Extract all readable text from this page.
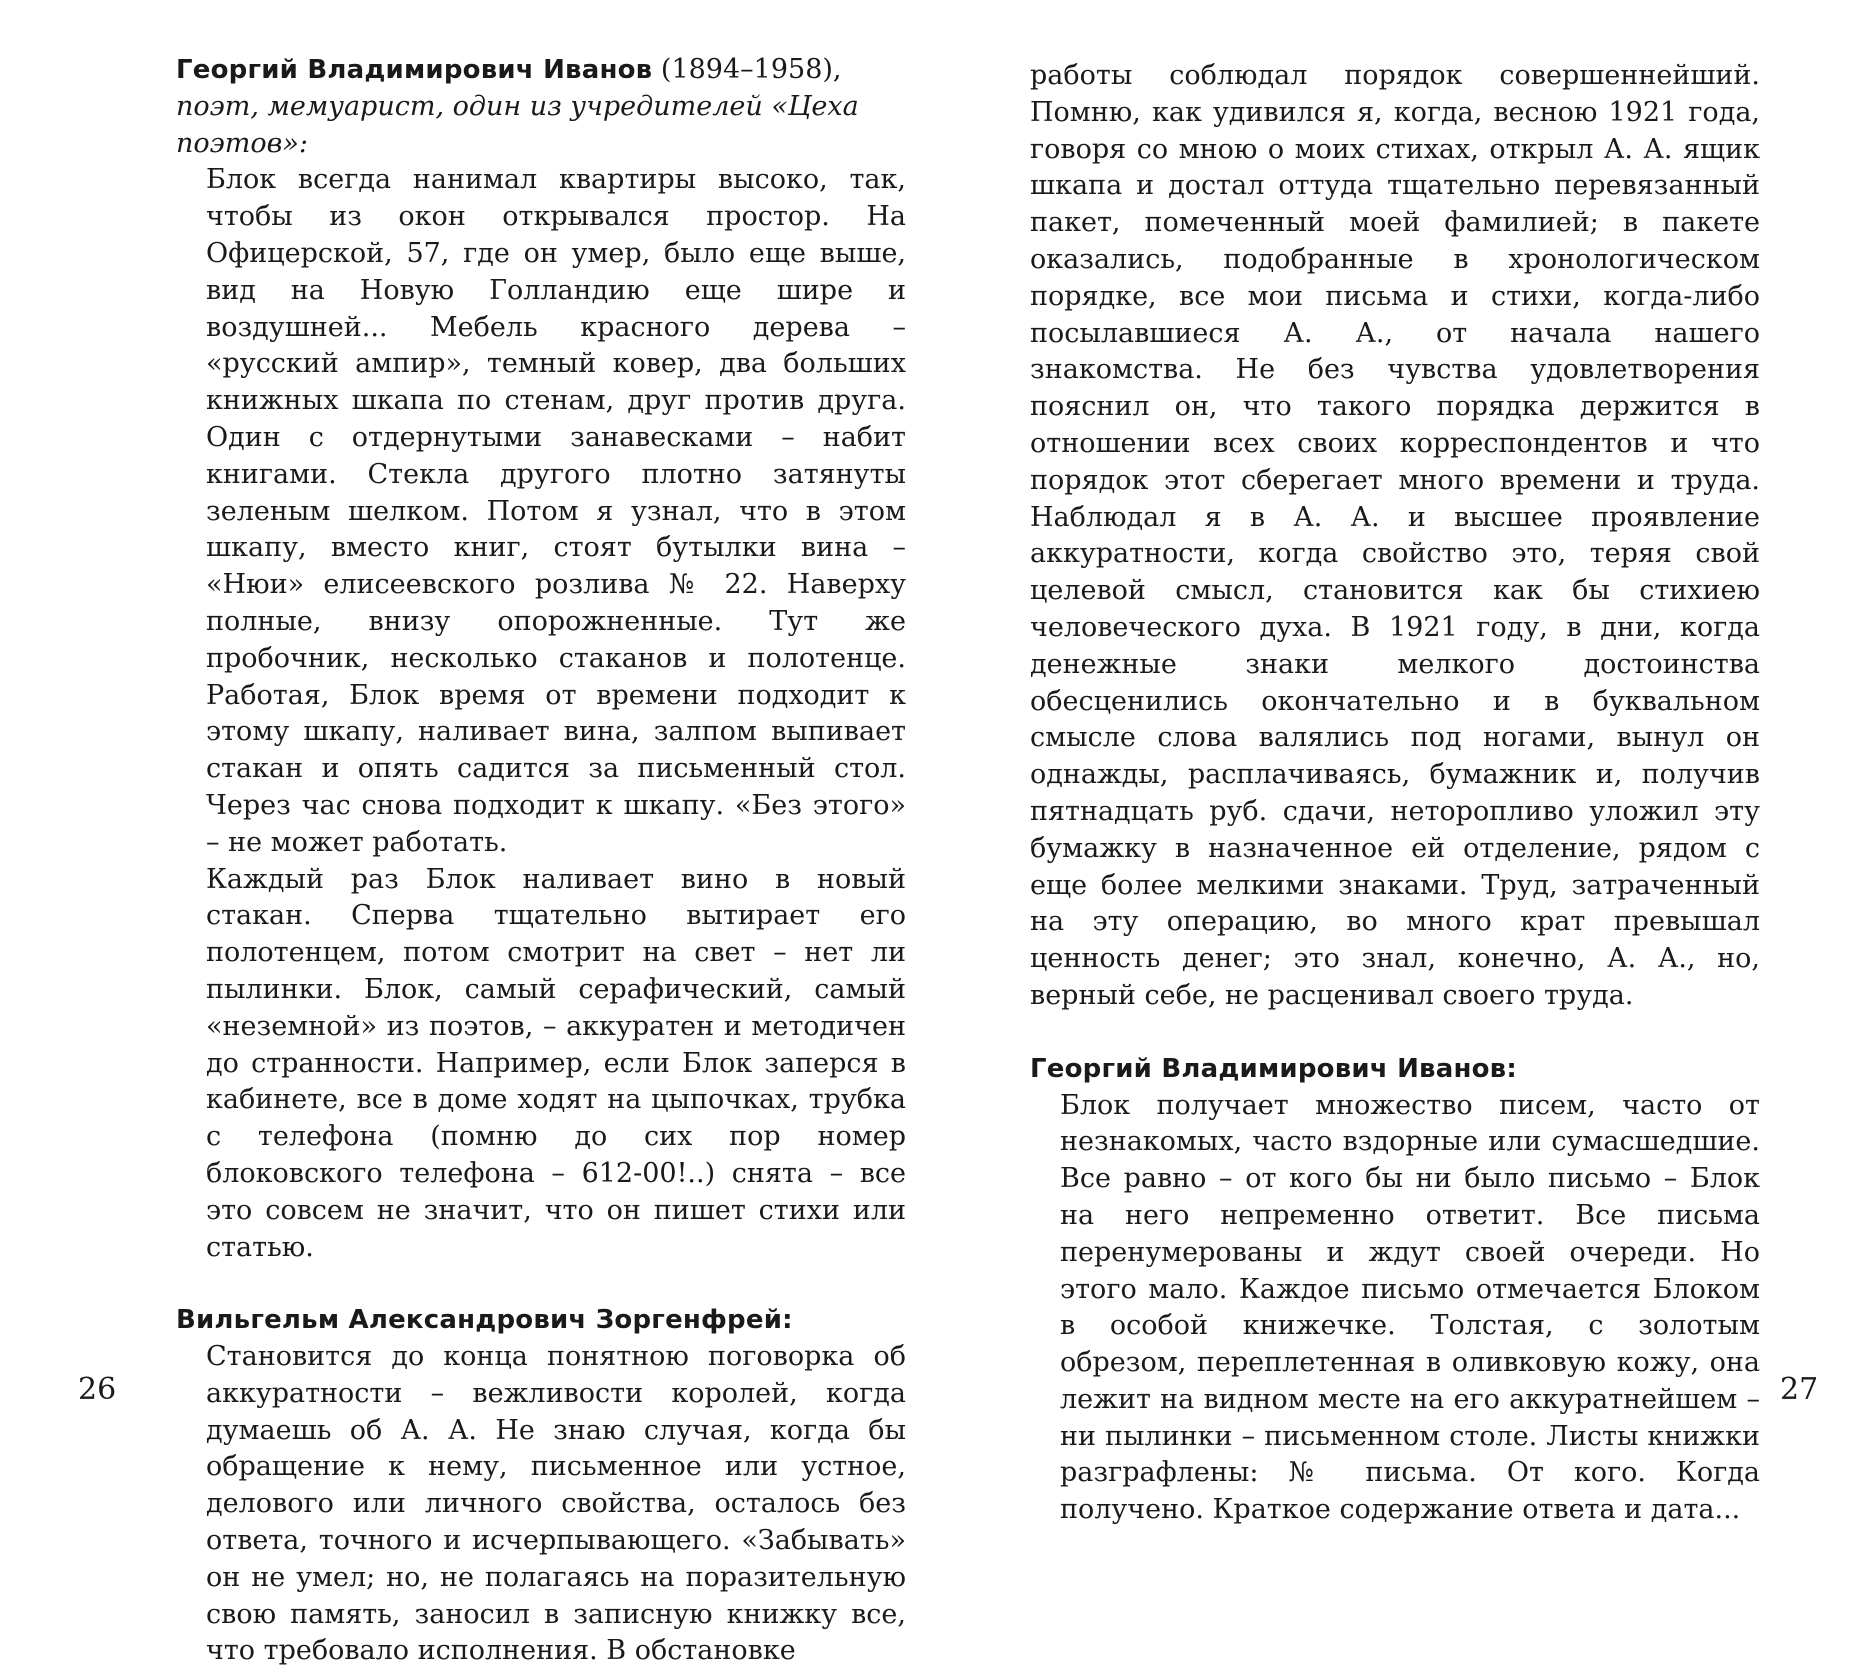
Георгий Владимирович Иванов (1894–1958), поэт, мемуарист, один из учредителей «Цеха поэтов»:

Блок всегда нанимал квартиры высоко, так, чтобы из окон открывался простор. На Офицерской, 57, где он умер, было еще выше, вид на Новую Голландию еще шире и воздушней... Мебель красного дерева – «русский ампир», темный ковер, два больших книжных шкапа по стенам, друг против друга. Один с отдернутыми занавесками – набит книгами. Стекла другого плотно затянуты зеленым шелком. Потом я узнал, что в этом шкапу, вместо книг, стоят бутылки вина – «Нюи» елисеевского розлива № 22. Наверху полные, внизу опорожненные. Тут же пробочник, несколько стаканов и полотенце. Работая, Блок время от времени подходит к этому шкапу, наливает вина, залпом выпивает стакан и опять садится за письменный стол. Через час снова подходит к шкапу. «Без этого» – не может работать.

Каждый раз Блок наливает вино в новый стакан. Сперва тщательно вытирает его полотенцем, потом смотрит на свет – нет ли пылинки. Блок, самый серафический, самый «неземной» из поэтов, – аккуратен и методичен до странности. Например, если Блок заперся в кабинете, все в доме ходят на цыпочках, трубка с телефона (помню до сих пор номер блоковского телефона – 612-00!..) снята – все это совсем не значит, что он пишет стихи или статью.

Вильгельм Александрович Зоргенфрей:

Становится до конца понятною поговорка об аккуратности – вежливости королей, когда думаешь об А. А. Не знаю случая, когда бы обращение к нему, письменное или устное, делового или личного свойства, осталось без ответа, точного и исчерпывающего. «Забывать» он не умел; но, не полагаясь на поразительную свою память, заносил в записную книжку все, что требовало исполнения. В обстановке

26

работы соблюдал порядок совершеннейший. Помню, как удивился я, когда, весною 1921 года, говоря со мною о моих стихах, открыл А. А. ящик шкапа и достал оттуда тщательно перевязанный пакет, помеченный моей фамилией; в пакете оказались, подобранные в хронологическом порядке, все мои письма и стихи, когда-либо посылавшиеся А. А., от начала нашего знакомства. Не без чувства удовлетворения пояснил он, что такого порядка держится в отношении всех своих корреспондентов и что порядок этот сберегает много времени и труда. Наблюдал я в А. А. и высшее проявление аккуратности, когда свойство это, теряя свой целевой смысл, становится как бы стихиею человеческого духа. В 1921 году, в дни, когда денежные знаки мелкого достоинства обесценились окончательно и в буквальном смысле слова валялись под ногами, вынул он однажды, расплачиваясь, бумажник и, получив пятнадцать руб. сдачи, неторопливо уложил эту бумажку в назначенное ей отделение, рядом с еще более мелкими знаками. Труд, затраченный на эту операцию, во много крат превышал ценность денег; это знал, конечно, А. А., но, верный себе, не расценивал своего труда.

Георгий Владимирович Иванов:

Блок получает множество писем, часто от незнакомых, часто вздорные или сумасшедшие. Все равно – от кого бы ни было письмо – Блок на него непременно ответит. Все письма перенумерованы и ждут своей очереди. Но этого мало. Каждое письмо отмечается Блоком в особой книжечке. Толстая, с золотым обрезом, переплетенная в оливковую кожу, она лежит на видном месте на его аккуратнейшем – ни пылинки – письменном столе. Листы книжки разграфлены: № письма. От кого. Когда получено. Краткое содержание ответа и дата...

27
